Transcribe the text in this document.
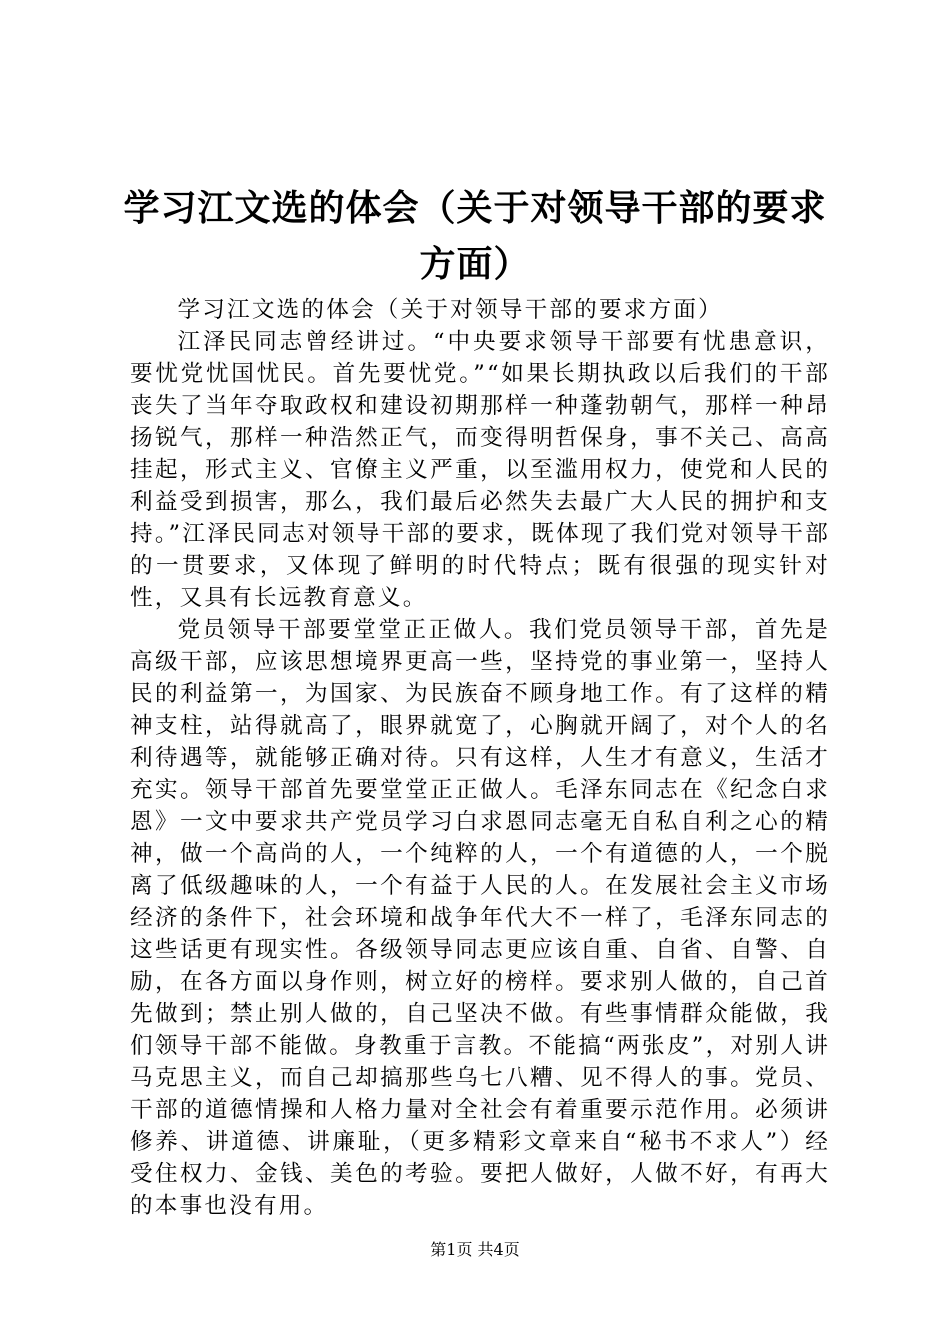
学习江文选的体会（关于对领导干部的要求方面）

学习江文选的体会（关于对领导干部的要求方面）

江泽民同志曾经讲过。“中央要求领导干部要有忧患意识，要忧党忧国忧民。首先要忧党。”“如果长期执政以后我们的干部丧失了当年夺取政权和建设初期那样一种蓬勃朝气，那样一种昂扬锐气，那样一种浩然正气，而变得明哲保身，事不关己、高高挂起，形式主义、官僚主义严重，以至滥用权力，使党和人民的利益受到损害，那么，我们最后必然失去最广大人民的拥护和支持。”江泽民同志对领导干部的要求，既体现了我们党对领导干部的一贯要求，又体现了鲜明的时代特点；既有很强的现实针对性，又具有长远教育意义。

党员领导干部要堂堂正正做人。我们党员领导干部，首先是高级干部，应该思想境界更高一些，坚持党的事业第一，坚持人民的利益第一，为国家、为民族奋不顾身地工作。有了这样的精神支柱，站得就高了，眼界就宽了，心胸就开阔了，对个人的名利待遇等，就能够正确对待。只有这样，人生才有意义，生活才充实。领导干部首先要堂堂正正做人。毛泽东同志在《纪念白求恩》一文中要求共产党员学习白求恩同志毫无自私自利之心的精神，做一个高尚的人，一个纯粹的人，一个有道德的人，一个脱离了低级趣味的人，一个有益于人民的人。在发展社会主义市场经济的条件下，社会环境和战争年代大不一样了，毛泽东同志的这些话更有现实性。各级领导同志更应该自重、自省、自警、自励，在各方面以身作则，树立好的榜样。要求别人做的，自己首先做到；禁止别人做的，自己坚决不做。有些事情群众能做，我们领导干部不能做。身教重于言教。不能搞“两张皮”，对别人讲马克思主义，而自己却搞那些乌七八糟、见不得人的事。党员、干部的道德情操和人格力量对全社会有着重要示范作用。必须讲修养、讲道德、讲廉耻，（更多精彩文章来自“秘书不求人”）经受住权力、金钱、美色的考验。要把人做好，人做不好，有再大的本事也没有用。

第1页 共4页
